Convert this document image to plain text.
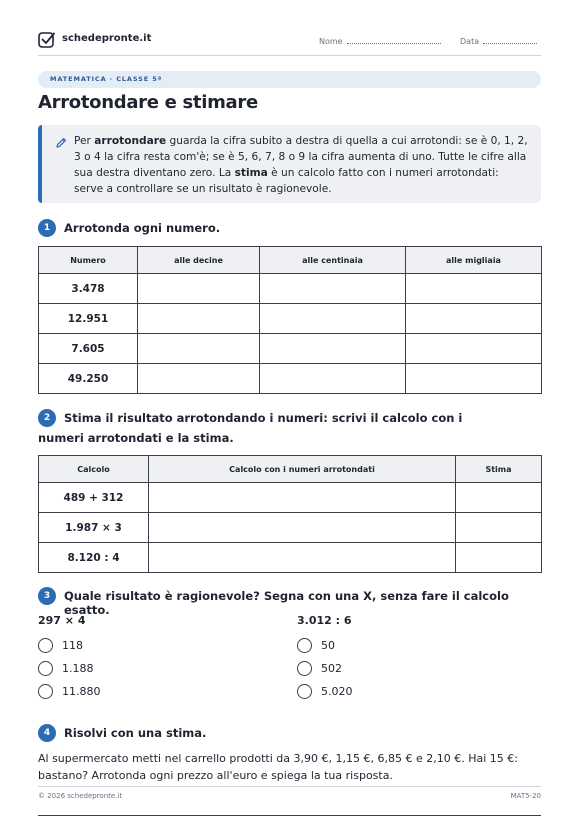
schedepronte.it	Nome	Data
MATEMATICA · CLASSE 5ª
Arrotondare e stimare
Per arrotondare guarda la cifra subito a destra di quella a cui arrotondi: se è 0, 1, 2, 3 o 4 la cifra resta com'è; se è 5, 6, 7, 8 o 9 la cifra aumenta di uno. Tutte le cifre alla sua destra diventano zero. La stima è un calcolo fatto con i numeri arrotondati: serve a controllare se un risultato è ragionevole.
1	Arrotonda ogni numero.
Numero	alle decine	alle centinaia	alle migliaia
3.478			
12.951			
7.605			
49.250			
2	Stima il risultato arrotondando i numeri: scrivi il calcolo con i numeri arrotondati e la stima.
Calcolo	Calcolo con i numeri arrotondati	Stima
489 + 312		
1.987 × 3		
8.120 : 4		
3	Quale risultato è ragionevole? Segna con una X, senza fare il calcolo esatto.
297 × 4
118
1.188
11.880
3.012 : 6
50
502
5.020
4	Risolvi con una stima.
Al supermercato metti nel carrello prodotti da 3,90 €, 1,15 €, 6,85 € e 2,10 €. Hai 15 €: bastano? Arrotonda ogni prezzo all'euro e spiega la tua risposta.
© 2026 schedepronte.it	MAT5-20
